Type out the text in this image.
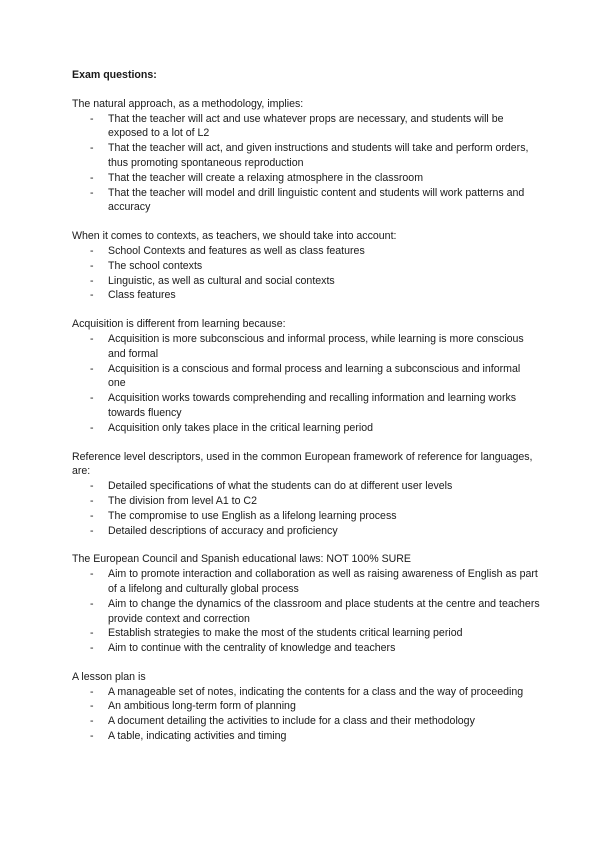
Exam questions:
The natural approach, as a methodology, implies:
- That the teacher will act and use whatever props are necessary, and students will be exposed to a lot of L2
- That the teacher will act, and given instructions and students will take and perform orders, thus promoting spontaneous reproduction
- That the teacher will create a relaxing atmosphere in the classroom
- That the teacher will model and drill linguistic content and students will work patterns and accuracy
When it comes to contexts, as teachers, we should take into account:
- School Contexts and features as well as class features
- The school contexts
- Linguistic, as well as cultural and social contexts
- Class features
Acquisition is different from learning because:
- Acquisition is more subconscious and informal process, while learning is more conscious and formal
- Acquisition is a conscious and formal process and learning a subconscious and informal one
- Acquisition works towards comprehending and recalling information and learning works towards fluency
- Acquisition only takes place in the critical learning period
Reference level descriptors, used in the common European framework of reference for languages, are:
- Detailed specifications of what the students can do at different user levels
- The division from level A1 to C2
- The compromise to use English as a lifelong learning process
- Detailed descriptions of accuracy and proficiency
The European Council and Spanish educational laws: NOT 100% SURE
- Aim to promote interaction and collaboration as well as raising awareness of English as part of a lifelong and culturally global process
- Aim to change the dynamics of the classroom and place students at the centre and teachers provide context and correction
- Establish strategies to make the most of the students critical learning period
- Aim to continue with the centrality of knowledge and teachers
A lesson plan is
- A manageable set of notes, indicating the contents for a class and the way of proceeding
- An ambitious long-term form of planning
- A document detailing the activities to include for a class and their methodology
- A table, indicating activities and timing
